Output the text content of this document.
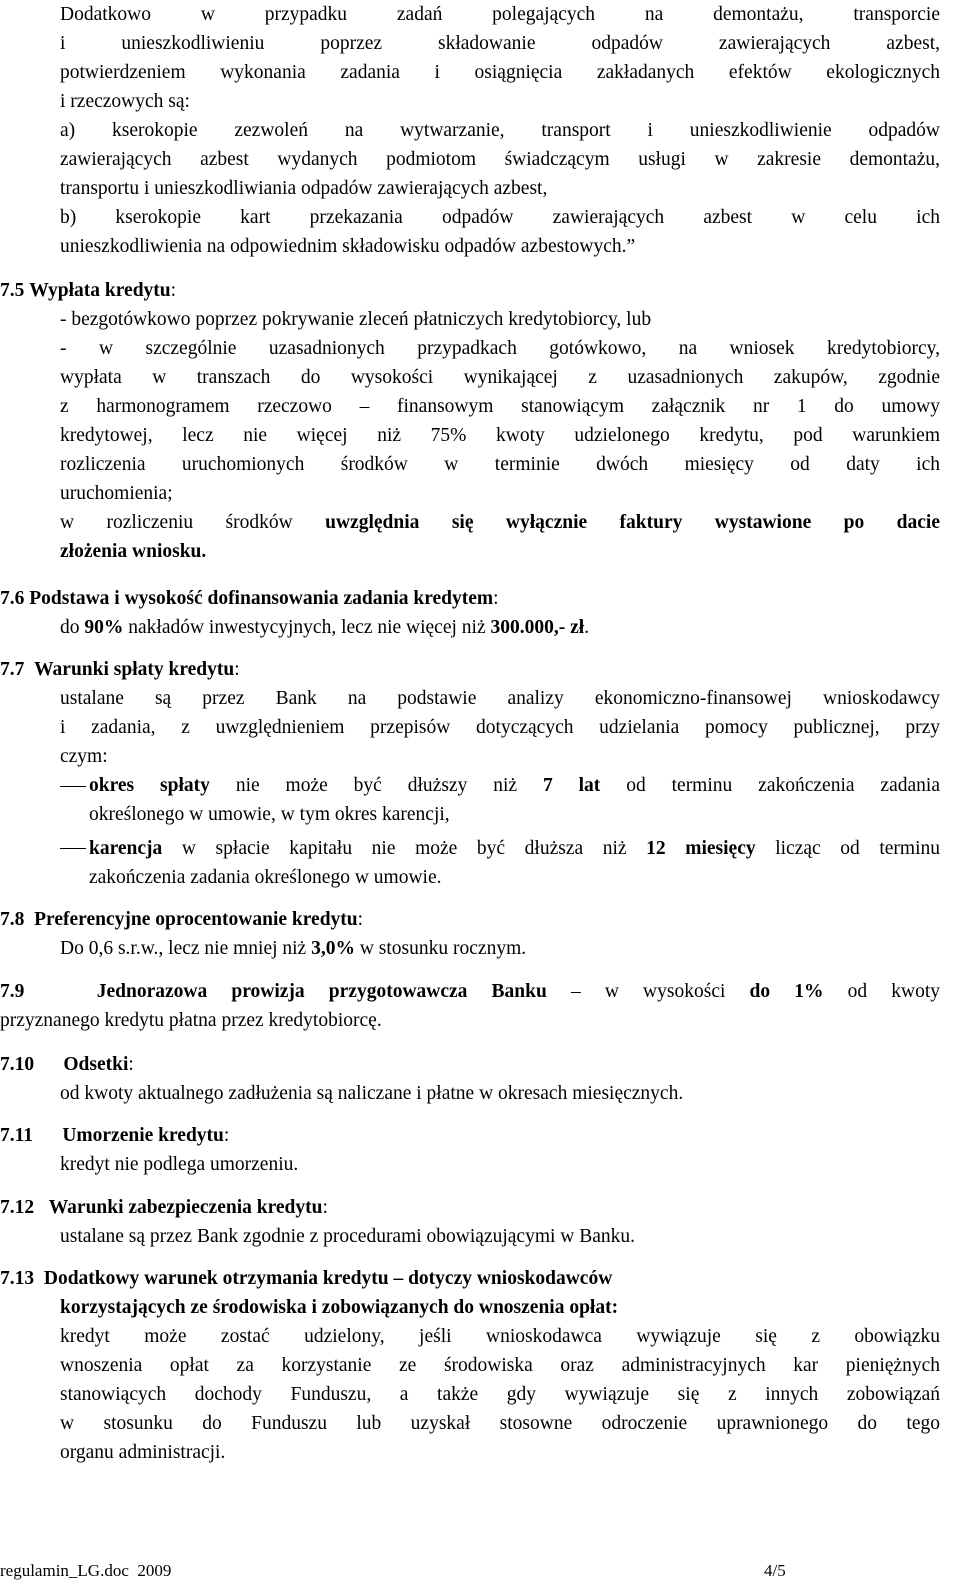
Dodatkowo w przypadku zadań polegających na demontażu, transporcie
i unieszkodliwieniu poprzez składowanie odpadów zawierających azbest,
potwierdzeniem wykonania zadania i osiągnięcia zakładanych efektów ekologicznych
i rzeczowych są:
a) kserokopie zezwoleń na wytwarzanie, transport i unieszkodliwienie odpadów
zawierających azbest wydanych podmiotom świadczącym usługi w zakresie demontażu,
transportu i unieszkodliwiania odpadów zawierających azbest,
b) kserokopie kart przekazania odpadów zawierających azbest w celu ich
unieszkodliwienia na odpowiednim składowisku odpadów azbestowych.”
7.5 Wypłata kredytu:
- bezgotówkowo poprzez pokrywanie zleceń płatniczych kredytobiorcy, lub
- w szczególnie uzasadnionych przypadkach gotówkowo, na wniosek kredytobiorcy,
wypłata w transzach do wysokości wynikającej z uzasadnionych zakupów, zgodnie
z harmonogramem rzeczowo – finansowym stanowiącym załącznik nr 1 do umowy
kredytowej, lecz nie więcej niż 75% kwoty udzielonego kredytu, pod warunkiem
rozliczenia uruchomionych środków w terminie dwóch miesięcy od daty ich
uruchomienia;
w rozliczeniu środków uwzględnia się wyłącznie faktury wystawione po dacie
złożenia wniosku.
7.6 Podstawa i wysokość dofinansowania zadania kredytem:
do 90% nakładów inwestycyjnych, lecz nie więcej niż 300.000,- zł.
7.7 Warunki spłaty kredytu:
ustalane są przez Bank na podstawie analizy ekonomiczno-finansowej wnioskodawcy
i zadania, z uwzględnieniem przepisów dotyczących udzielania pomocy publicznej, przy
czym:
okres spłaty nie może być dłuższy niż 7 lat od terminu zakończenia zadania
określonego w umowie, w tym okres karencji,
karencja w spłacie kapitału nie może być dłuższa niż 12 miesięcy licząc od terminu
zakończenia zadania określonego w umowie.
7.8 Preferencyjne oprocentowanie kredytu:
Do 0,6 s.r.w., lecz nie mniej niż 3,0% w stosunku rocznym.
7.9	Jednorazowa prowizja przygotowawcza Banku – w wysokości do 1% od kwoty
przyznanego kredytu płatna przez kredytobiorcę.
7.10 Odsetki:
od kwoty aktualnego zadłużenia są naliczane i płatne w okresach miesięcznych.
7.11 Umorzenie kredytu:
kredyt nie podlega umorzeniu.
7.12 Warunki zabezpieczenia kredytu:
ustalane są przez Bank zgodnie z procedurami obowiązującymi w Banku.
7.13 Dodatkowy warunek otrzymania kredytu – dotyczy wnioskodawców
korzystających ze środowiska i zobowiązanych do wnoszenia opłat:
kredyt może zostać udzielony, jeśli wnioskodawca wywiązuje się z obowiązku
wnoszenia opłat za korzystanie ze środowiska oraz administracyjnych kar pieniężnych
stanowiących dochody Funduszu, a także gdy wywiązuje się z innych zobowiązań
w stosunku do Funduszu lub uzyskał stosowne odroczenie uprawnionego do tego
organu administracji.
regulamin_LG.doc  2009	4/5
